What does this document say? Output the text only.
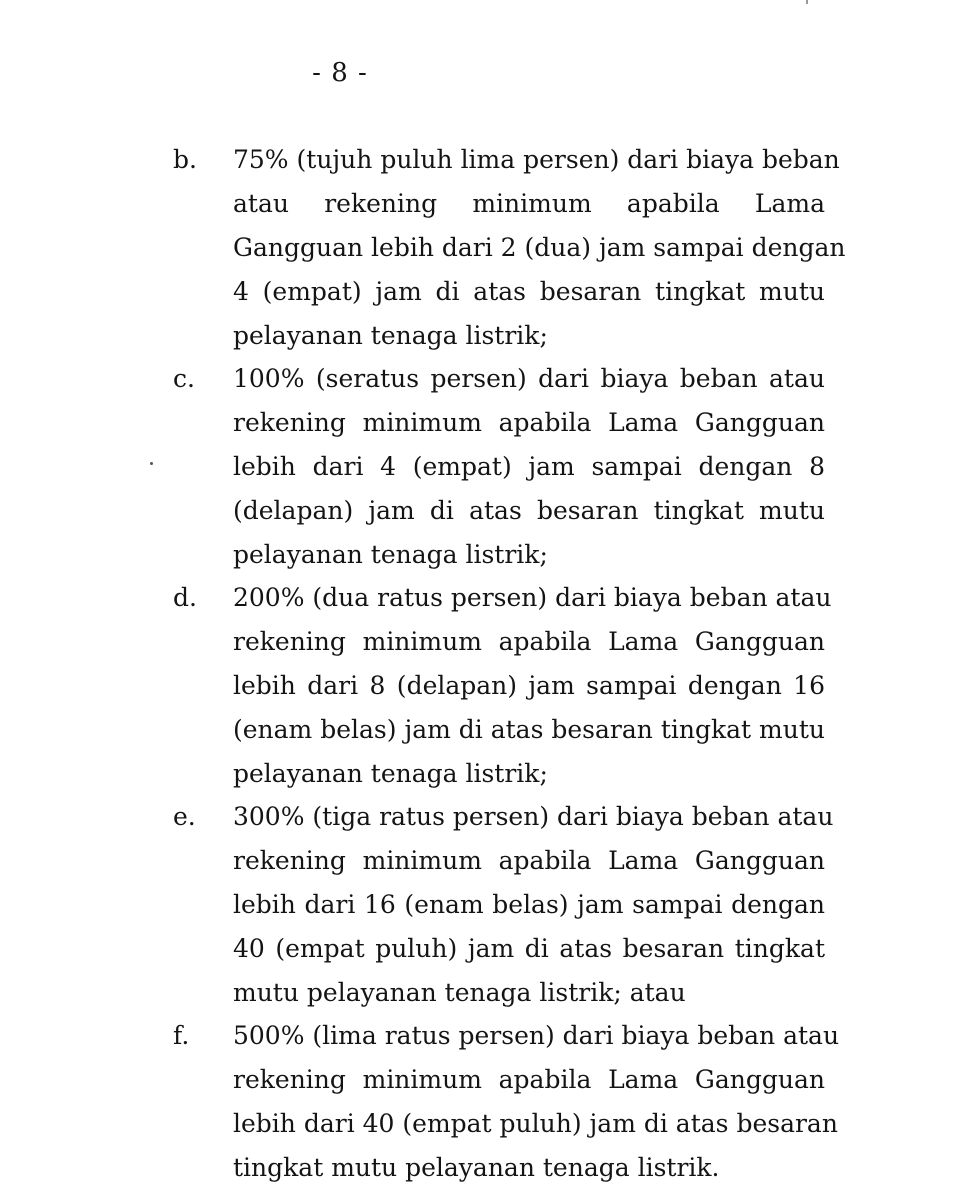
- 8 -
b. 75% (tujuh puluh lima persen) dari biaya beban
atau rekening minimum apabila Lama
Gangguan lebih dari 2 (dua) jam sampai dengan
4 (empat) jam di atas besaran tingkat mutu
pelayanan tenaga listrik;
c. 100% (seratus persen) dari biaya beban atau
rekening minimum apabila Lama Gangguan
lebih dari 4 (empat) jam sampai dengan 8
(delapan) jam di atas besaran tingkat mutu
pelayanan tenaga listrik;
d. 200% (dua ratus persen) dari biaya beban atau
rekening minimum apabila Lama Gangguan
lebih dari 8 (delapan) jam sampai dengan 16
(enam belas) jam di atas besaran tingkat mutu
pelayanan tenaga listrik;
e. 300% (tiga ratus persen) dari biaya beban atau
rekening minimum apabila Lama Gangguan
lebih dari 16 (enam belas) jam sampai dengan
40 (empat puluh) jam di atas besaran tingkat
mutu pelayanan tenaga listrik; atau
f. 500% (lima ratus persen) dari biaya beban atau
rekening minimum apabila Lama Gangguan
lebih dari 40 (empat puluh) jam di atas besaran
tingkat mutu pelayanan tenaga listrik.
